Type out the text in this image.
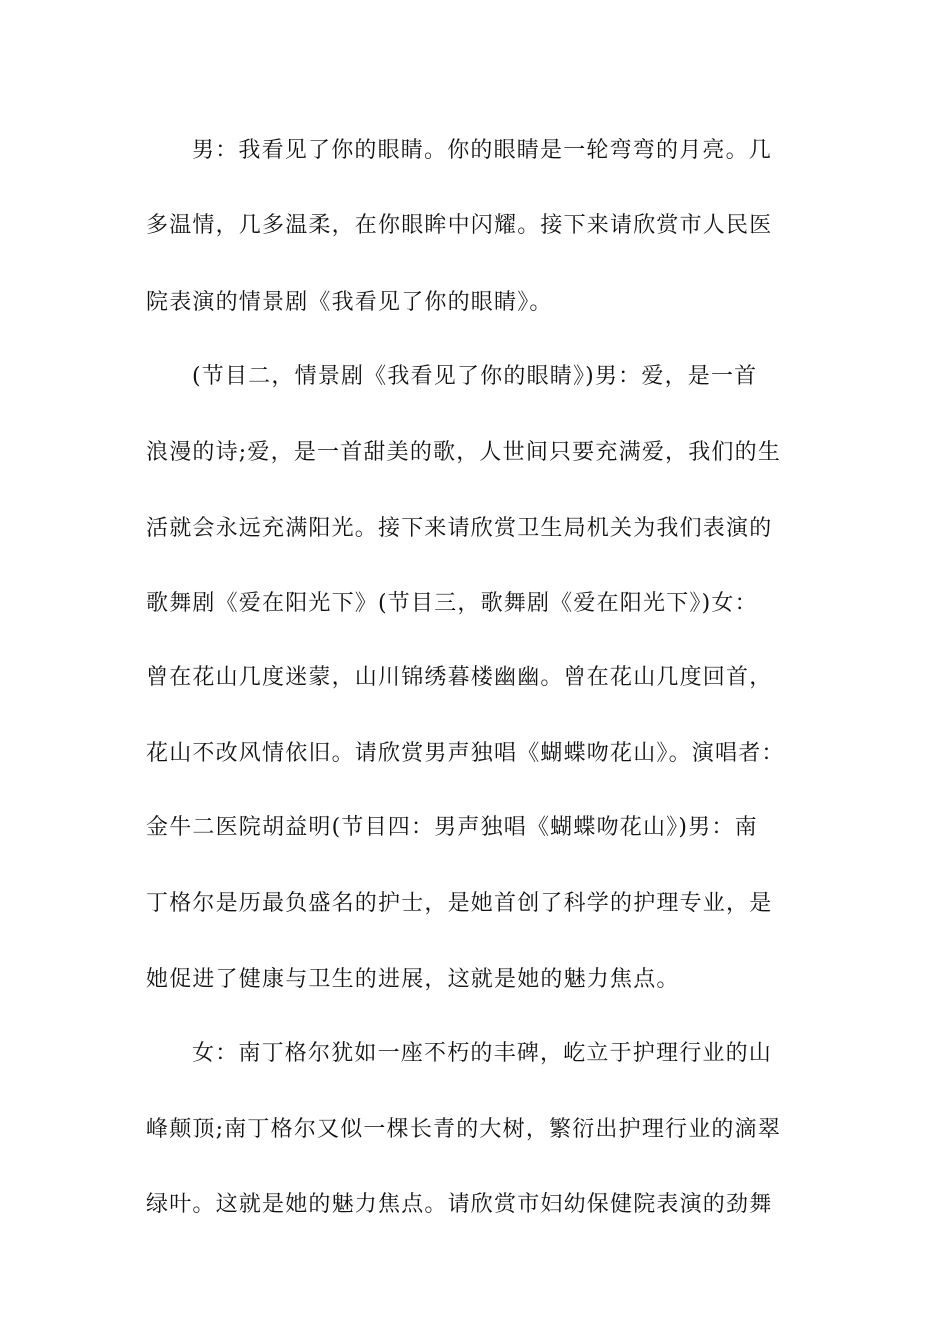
男：我看见了你的眼睛。你的眼睛是一轮弯弯的月亮。几
多温情，几多温柔，在你眼眸中闪耀。接下来请欣赏市人民医
院表演的情景剧《我看见了你的眼睛》。
(节目二，情景剧《我看见了你的眼睛》)男：爱，是一首
浪漫的诗;爱，是一首甜美的歌，人世间只要充满爱，我们的生
活就会永远充满阳光。接下来请欣赏卫生局机关为我们表演的
歌舞剧《爱在阳光下》(节目三，歌舞剧《爱在阳光下》)女：
曾在花山几度迷蒙，山川锦绣暮楼幽幽。曾在花山几度回首，
花山不改风情依旧。请欣赏男声独唱《蝴蝶吻花山》。演唱者：
金牛二医院胡益明(节目四：男声独唱《蝴蝶吻花山》)男：南
丁格尔是历最负盛名的护士，是她首创了科学的护理专业，是
她促进了健康与卫生的进展，这就是她的魅力焦点。
女：南丁格尔犹如一座不朽的丰碑，屹立于护理行业的山
峰颠顶;南丁格尔又似一棵长青的大树，繁衍出护理行业的滴翠
绿叶。这就是她的魅力焦点。请欣赏市妇幼保健院表演的劲舞
